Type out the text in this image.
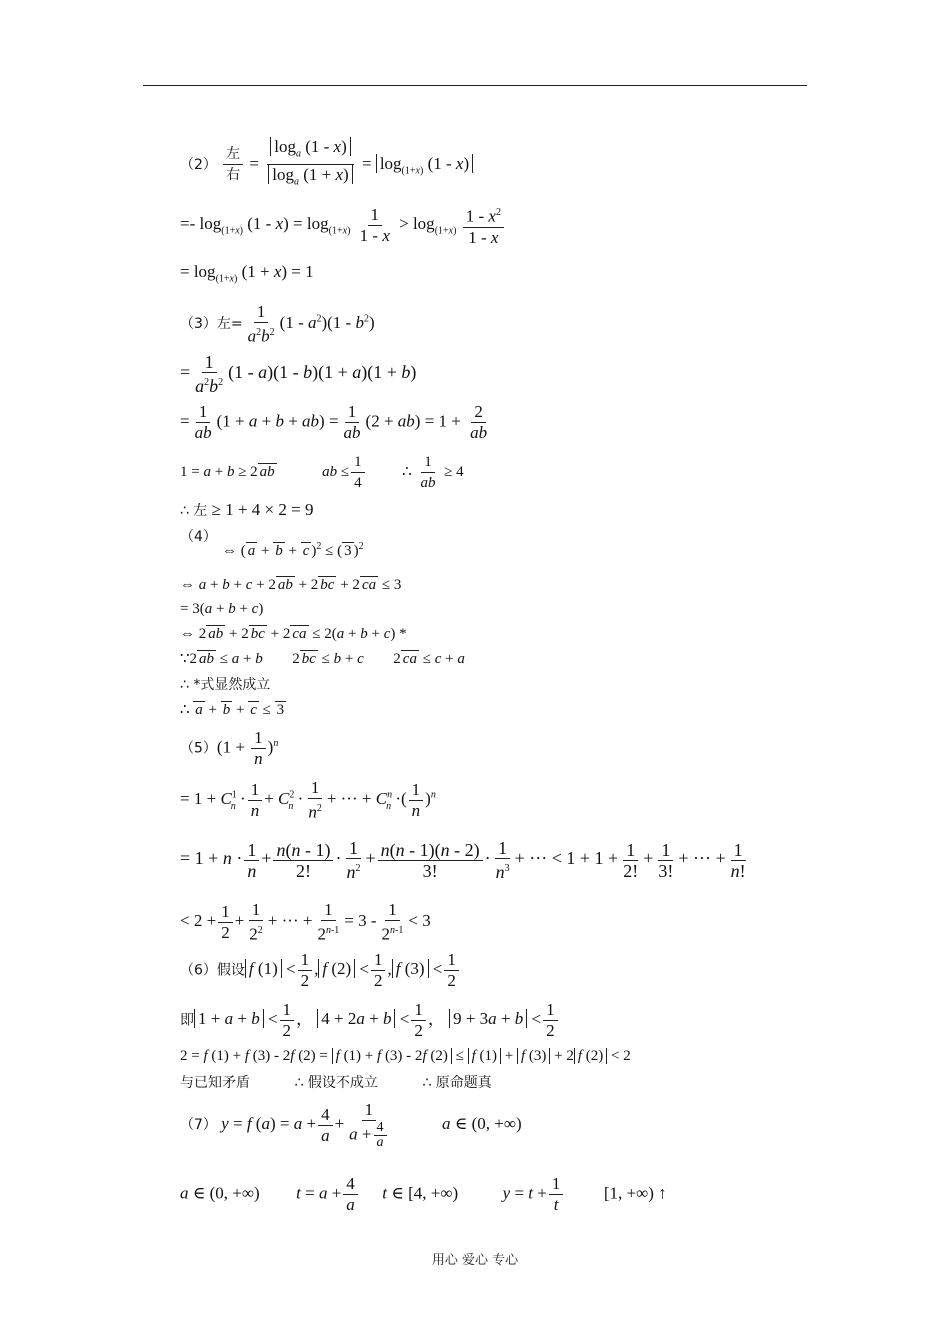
$(2) \frac{\text{左}}{\text{右}} = \frac{\log_a (1 - x)}{\log_a (1 + x)} = \log_{(1+x)} (1 - x)$
=- $\log_{(1+x)} (1 - x) = \log_{(1+x)} \frac{1}{1 - x} > \log_{(1+x)} \frac{1 - x^2}{1 - x}$
= $\log_{(1+x)} (1 + x) = 1$
（3）左= $\frac{1}{a^2b^2} (1 - a^2)(1 - b^2)$
= $\frac{1}{a^2b^2} (1 - a)(1 - b)(1 + a)(1 + b)$
= $\frac{1}{ab} (1 + a + b + ab) = \frac{1}{ab} (2 + ab) = 1 + \frac{2}{ab}$
1 = a + b ≥ 2 ab	ab ≤ $\frac{1}{4}$ ∴ $\frac{1}{ab} \ge 4$
∴ 左 ≥ 1 + 4 × 2 = 9
（4）
⇔ ( a + b + c )$^2$ ≤ ( 3 )$^2$
⇔ a + b + c + 2 ab + 2 bc + 2 ca ≤ 3
= 3(a + b + c)
⇔ 2 ab + 2 bc + 2 ca ≤ 2(a + b + c) *
∵2 ab ≤ a + b  2 bc ≤ b + c  2 ca ≤ c + a
∴ *式显然成立
∴ a + b + c ≤ 3
$(5)(1 + \frac{1}{n} )^n$
= $1 + C^1_n \cdot \frac{1}{n} + C^2_n \cdot \frac{1}{n^2}$ + ··· + $C^n_n$ ·( $\frac{1}{n} )^n$
= $1 + n \cdot \frac{1}{n} + \frac{n(n - 1)}{2!} \cdot \frac{1}{n^2} + \frac{n(n - 1)(n - 2)}{3!} \cdot \frac{1}{n^3}$ + ··· < $1 + 1 + \frac{1}{2!} + \frac{1}{3!}$ + ··· + $\frac{1}{n!}$
< $2 + \frac{1}{2} + \frac{1}{2^2}$ + ··· + $\frac{1}{2^{n-1}} = 3 - \frac{1}{2^{n-1}} < 3$
（6）假设 f $(1) < \frac{1}{2}$ , f $(2) < \frac{1}{2}$ , f $(3) < \frac{1}{2}$
即 $1 + a + b < \frac{1}{2}$ ， $4 + 2a + b < \frac{1}{2}$ ， $9 + 3a + b < \frac{1}{2}$
2 = f (1) + f (3) - 2f (2) = f (1) + f (3) - 2f (2) ≤ f (1) + f (3) + 2 f (2) < 2
与已知矛盾	∴ 假设不成立	∴ 原命题真
（7） y = f $(a) = a + \frac{4}{a} + \frac{1}{a + \frac{4}{a}}$	a ∈ (0, +∞)
a ∈ (0, +∞)  $t = a + \frac{4}{a}$ t ∈ [4, +∞)  $y = t + \frac{1}{t} [1$, +∞) ↑
用心 爱心 专心
